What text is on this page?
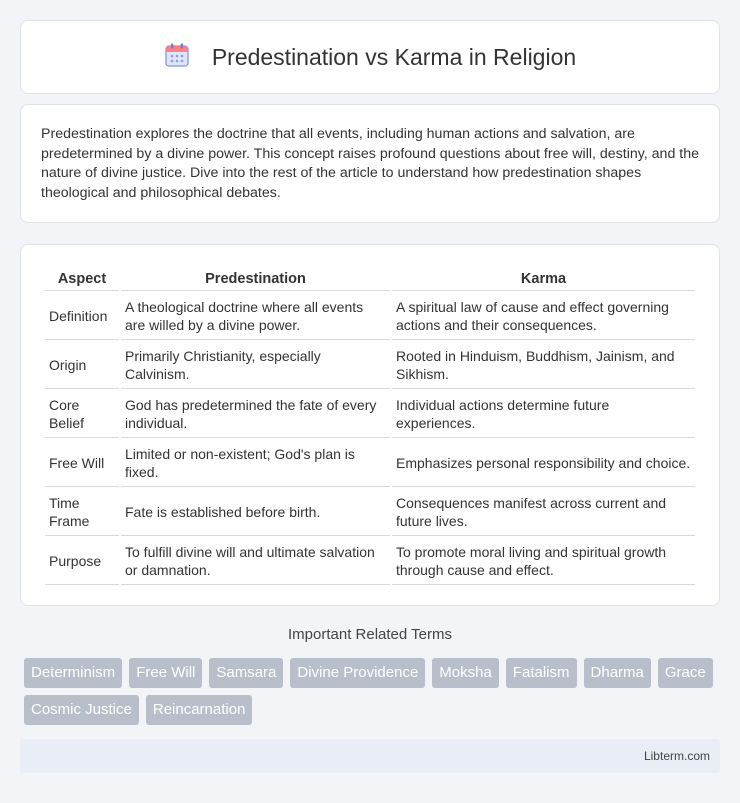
Predestination vs Karma in Religion

Predestination explores the doctrine that all events, including human actions and salvation, are predetermined by a divine power. This concept raises profound questions about free will, destiny, and the nature of divine justice. Dive into the rest of the article to understand how predestination shapes theological and philosophical debates.

Aspect	Predestination	Karma
Definition	A theological doctrine where all events are willed by a divine power.	A spiritual law of cause and effect governing actions and their consequences.
Origin	Primarily Christianity, especially Calvinism.	Rooted in Hinduism, Buddhism, Jainism, and Sikhism.
Core Belief	God has predetermined the fate of every individual.	Individual actions determine future experiences.
Free Will	Limited or non-existent; God's plan is fixed.	Emphasizes personal responsibility and choice.
Time Frame	Fate is established before birth.	Consequences manifest across current and future lives.
Purpose	To fulfill divine will and ultimate salvation or damnation.	To promote moral living and spiritual growth through cause and effect.
Important Related Terms
Determinism	Free Will	Samsara	Divine Providence	Moksha	Fatalism	Dharma	Grace
Cosmic Justice	Reincarnation
Libterm.com
